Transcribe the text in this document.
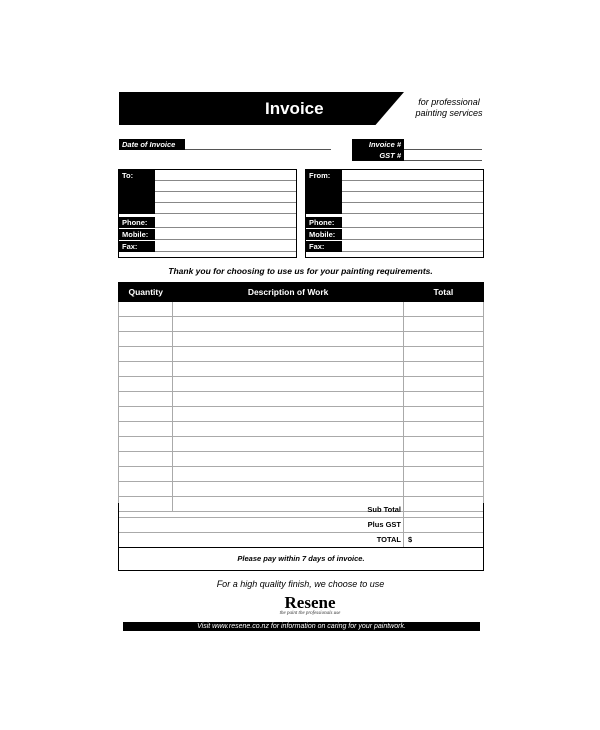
Invoice	for professional
painting services
Date of Invoice	Invoice #
GST #
To:
Phone:
Mobile:
Fax:
From:
Phone:
Mobile:
Fax:
Thank you for choosing to use us for your painting requirements.
Quantity	Description of Work	Total

Sub Total
Plus GST
TOTAL $
Please pay within 7 days of invoice.
For a high quality finish, we choose to use
Resene
the paint the professionals use
Visit www.resene.co.nz for information on caring for your paintwork.
